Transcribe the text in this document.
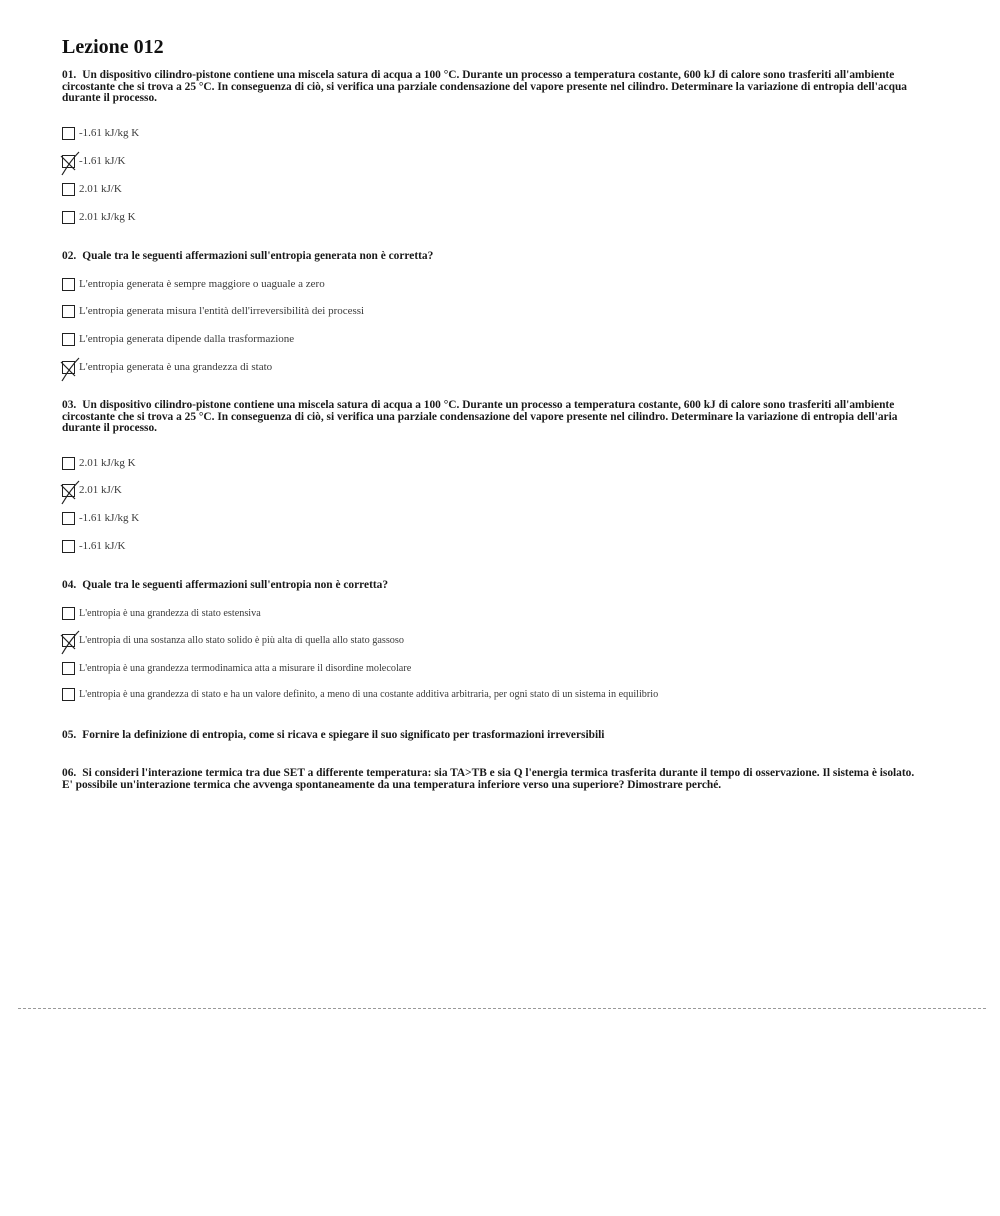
Lezione 012
01. Un dispositivo cilindro-pistone contiene una miscela satura di acqua a 100 °C. Durante un processo a temperatura costante, 600 kJ di calore sono trasferiti all'ambiente circostante che si trova a 25 °C. In conseguenza di ciò, si verifica una parziale condensazione del vapore presente nel cilindro. Determinare la variazione di entropia dell'acqua durante il processo.
-1.61 kJ/kg K
-1.61 kJ/K
2.01 kJ/K
2.01 kJ/kg K
02. Quale tra le seguenti affermazioni sull'entropia generata non è corretta?
L'entropia generata è sempre maggiore o uaguale a zero
L'entropia generata misura l'entità dell'irreversibilità dei processi
L'entropia generata dipende dalla trasformazione
L'entropia generata è una grandezza di stato
03. Un dispositivo cilindro-pistone contiene una miscela satura di acqua a 100 °C. Durante un processo a temperatura costante, 600 kJ di calore sono trasferiti all'ambiente circostante che si trova a 25 °C. In conseguenza di ciò, si verifica una parziale condensazione del vapore presente nel cilindro. Determinare la variazione di entropia dell'aria durante il processo.
2.01 kJ/kg K
2.01 kJ/K
-1.61 kJ/kg K
-1.61 kJ/K
04. Quale tra le seguenti affermazioni sull'entropia non è corretta?
L'entropia è una grandezza di stato estensiva
L'entropia di una sostanza allo stato solido è più alta di quella allo stato gassoso
L'entropia è una grandezza termodinamica atta a misurare il disordine molecolare
L'entropia è una grandezza di stato e ha un valore definito, a meno di una costante additiva arbitraria, per ogni stato di un sistema in equilibrio
05. Fornire la definizione di entropia, come si ricava e spiegare il suo significato per trasformazioni irreversibili
06. Si consideri l'interazione termica tra due SET a differente temperatura: sia TA>TB e sia Q l'energia termica trasferita durante il tempo di osservazione. Il sistema è isolato. E' possibile un'interazione termica che avvenga spontaneamente da una temperatura inferiore verso una superiore? Dimostrare perché.
